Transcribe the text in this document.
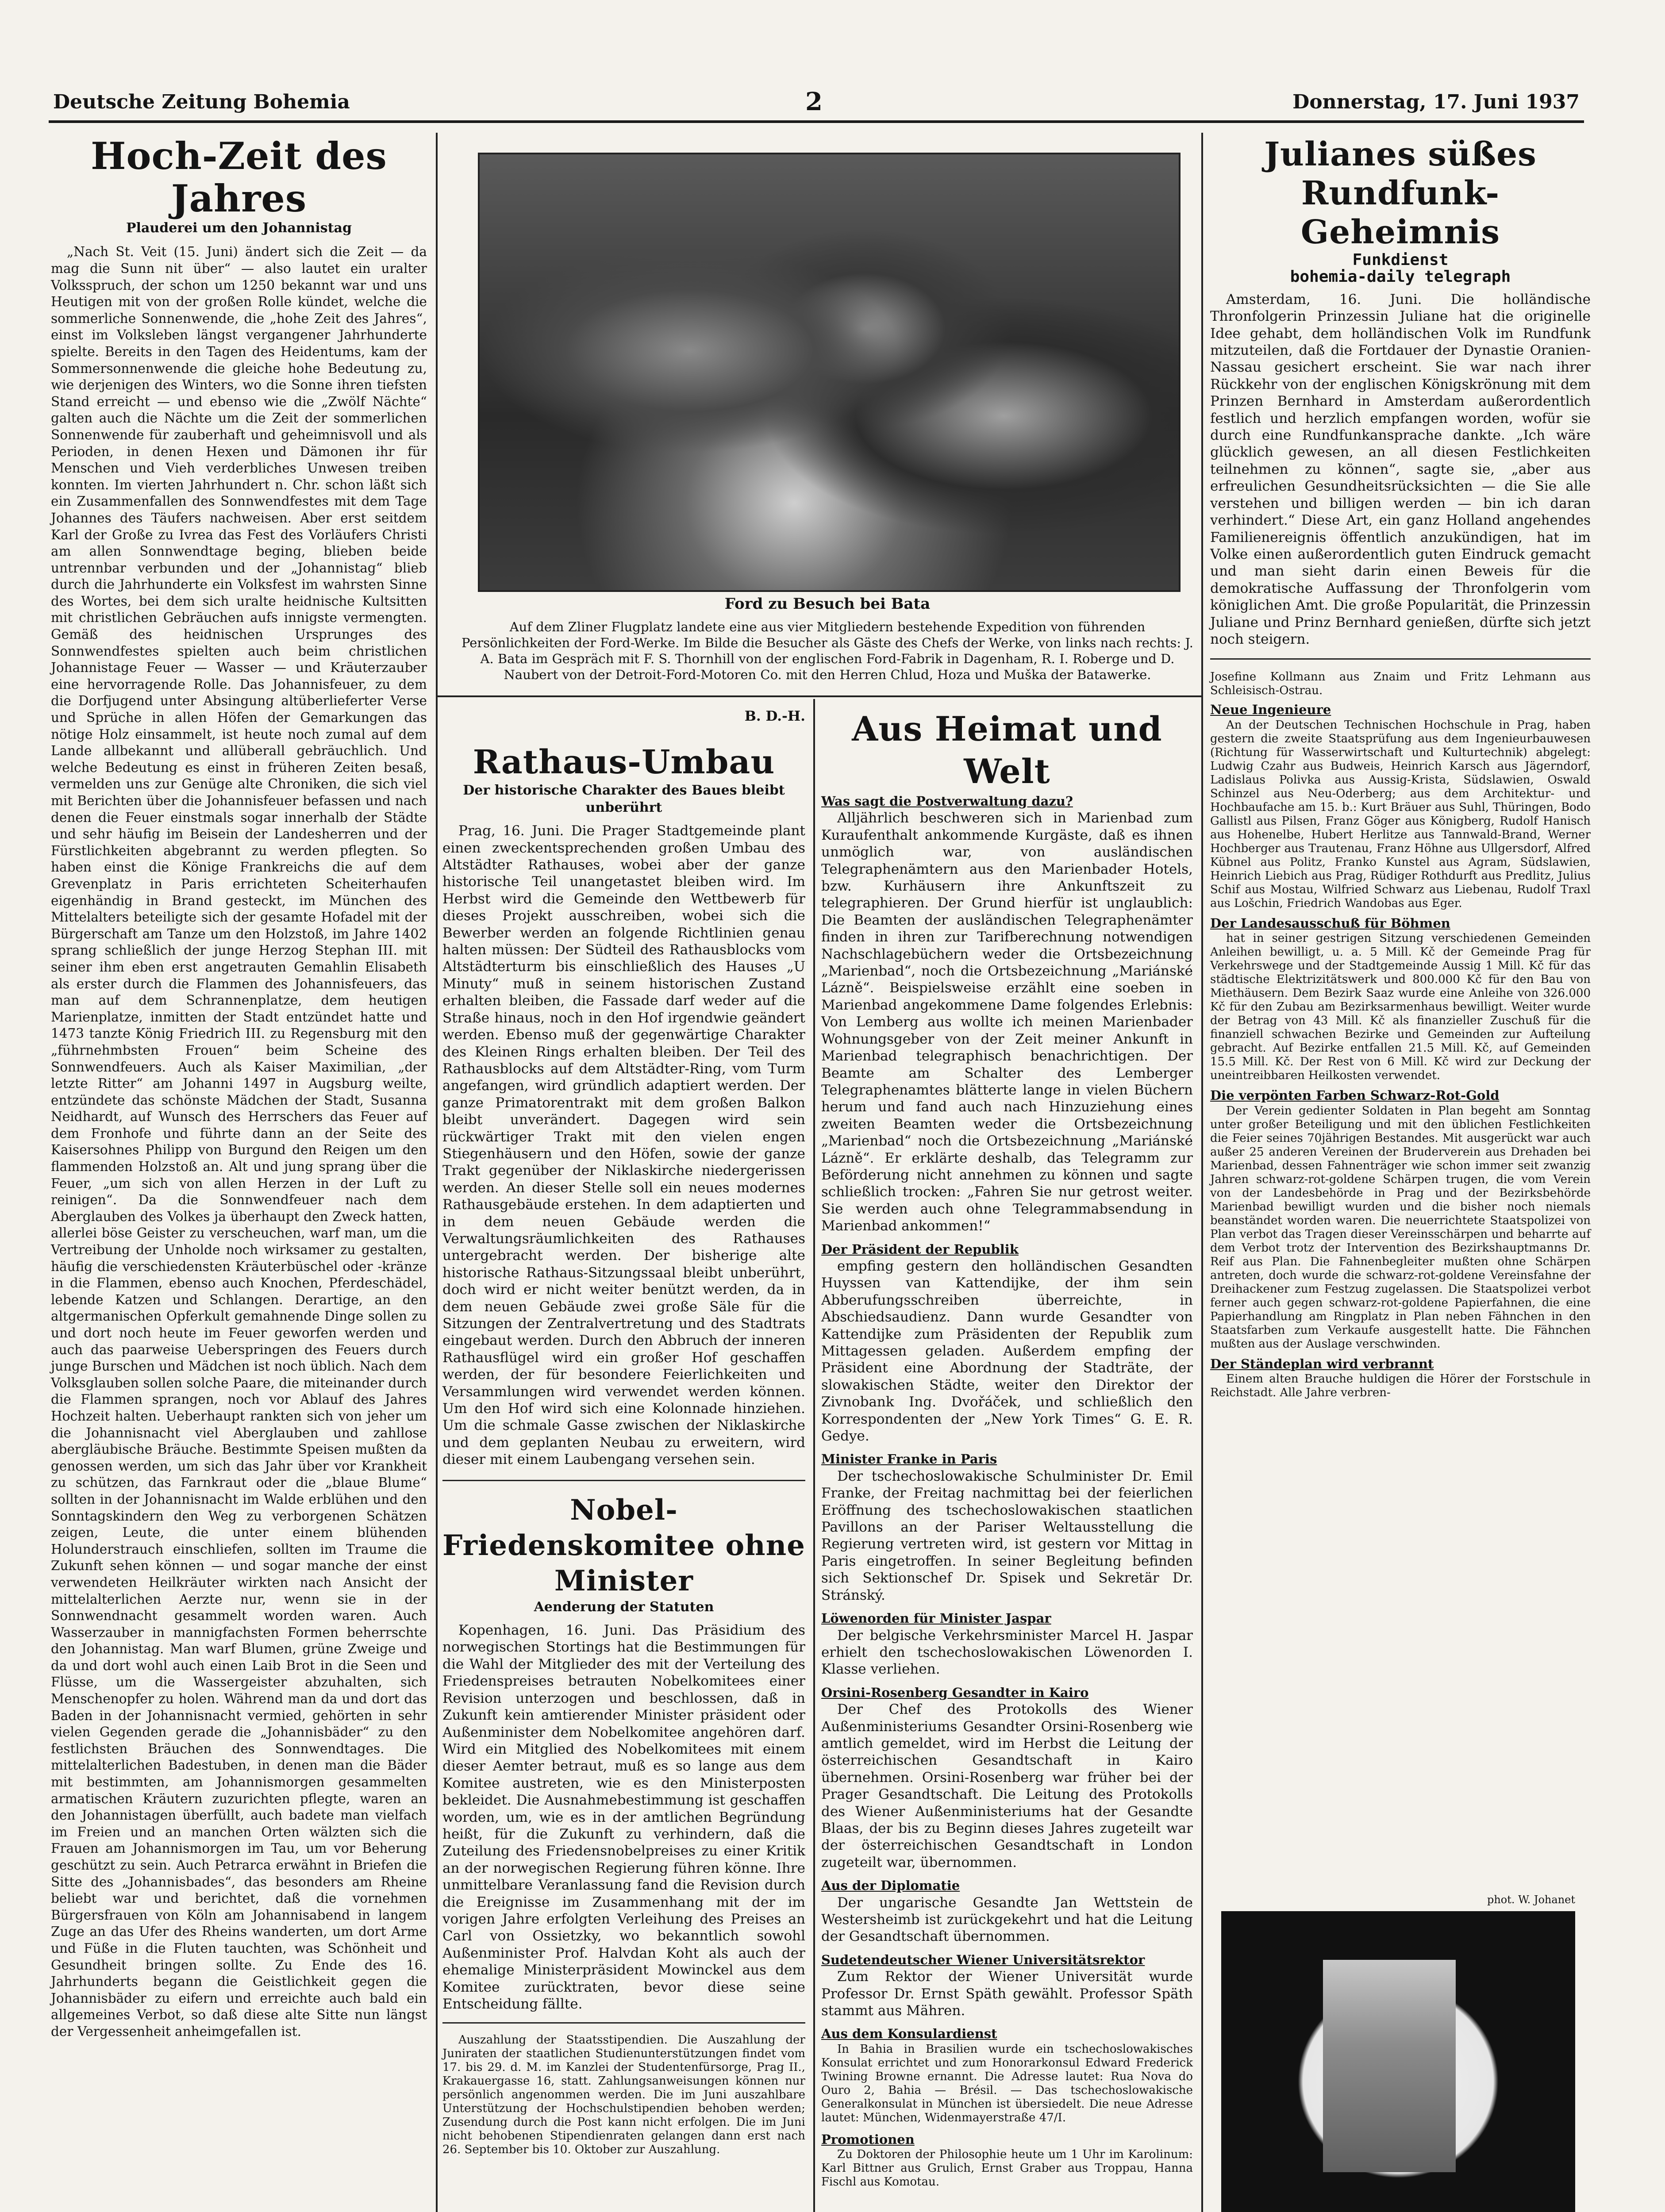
Deutsche Zeitung Bohemia	2	Donnerstag, 17. Juni 1937
Hoch-Zeit des Jahres
Plauderei um den Johannistag

„Nach St. Veit (15. Juni) ändert sich die Zeit — da mag die Sunn nit über“ — also lautet ein uralter Volksspruch, der schon um 1250 bekannt war und uns Heutigen mit von der großen Rolle kündet, welche die sommerliche Sonnenwende, die „hohe Zeit des Jahres“, einst im Volksleben längst vergangener Jahrhunderte spielte. Bereits in den Tagen des Heidentums, kam der Sommersonnenwende die gleiche hohe Bedeutung zu, wie derjenigen des Winters, wo die Sonne ihren tiefsten Stand erreicht — und ebenso wie die „Zwölf Nächte“ galten auch die Nächte um die Zeit der sommerlichen Sonnenwende für zauberhaft und geheimnisvoll und als Perioden, in denen Hexen und Dämonen ihr für Menschen und Vieh verderbliches Unwesen treiben konnten. Im vierten Jahrhundert n. Chr. schon läßt sich ein Zusammenfallen des Sonnwendfestes mit dem Tage Johannes des Täufers nachweisen. Aber erst seitdem Karl der Große zu Ivrea das Fest des Vorläufers Christi am allen Sonnwendtage beging, blieben beide untrennbar verbunden und der „Johannistag“ blieb durch die Jahrhunderte ein Volksfest im wahrsten Sinne des Wortes, bei dem sich uralte heidnische Kultsitten mit christlichen Gebräuchen aufs innigste vermengten. Gemäß des heidnischen Ursprunges des Sonnwendfestes spielten auch beim christlichen Johannistage Feuer — Wasser — und Kräuterzauber eine hervorragende Rolle. Das Johannisfeuer, zu dem die Dorfjugend unter Absingung altüberlieferter Verse und Sprüche in allen Höfen der Gemarkungen das nötige Holz einsammelt, ist heute noch zumal auf dem Lande allbekannt und allüberall gebräuchlich. Und welche Bedeutung es einst in früheren Zeiten besaß, vermelden uns zur Genüge alte Chroniken, die sich viel mit Berichten über die Johannisfeuer befassen und nach denen die Feuer einstmals sogar innerhalb der Städte und sehr häufig im Beisein der Landesherren und der Fürstlichkeiten abgebrannt zu werden pflegten. So haben einst die Könige Frankreichs die auf dem Grevenplatz in Paris errichteten Scheiterhaufen eigenhändig in Brand gesteckt, im München des Mittelalters beteiligte sich der gesamte Hofadel mit der Bürgerschaft am Tanze um den Holzstoß, im Jahre 1402 sprang schließlich der junge Herzog Stephan III. mit seiner ihm eben erst angetrauten Gemahlin Elisabeth als erster durch die Flammen des Johannisfeuers, das man auf dem Schrannenplatze, dem heutigen Marienplatze, inmitten der Stadt entzündet hatte und 1473 tanzte König Friedrich III. zu Regensburg mit den „führnehmbsten Frouen“ beim Scheine des Sonnwendfeuers. Auch als Kaiser Maximilian, „der letzte Ritter“ am Johanni 1497 in Augsburg weilte, entzündete das schönste Mädchen der Stadt, Susanna Neidhardt, auf Wunsch des Herrschers das Feuer auf dem Fronhofe und führte dann an der Seite des Kaisersohnes Philipp von Burgund den Reigen um den flammenden Holzstoß an. Alt und jung sprang über die Feuer, „um sich von allen Herzen in der Luft zu reinigen“. Da die Sonnwendfeuer nach dem Aberglauben des Volkes ja überhaupt den Zweck hatten, allerlei böse Geister zu verscheuchen, warf man, um die Vertreibung der Unholde noch wirksamer zu gestalten, häufig die verschiedensten Kräuterbüschel oder -kränze in die Flammen, ebenso auch Knochen, Pferdeschädel, lebende Katzen und Schlangen. Derartige, an den altgermanischen Opferkult gemahnende Dinge sollen zu und dort noch heute im Feuer geworfen werden und auch das paarweise Ueberspringen des Feuers durch junge Burschen und Mädchen ist noch üblich. Nach dem Volksglauben sollen solche Paare, die miteinander durch die Flammen sprangen, noch vor Ablauf des Jahres Hochzeit halten. Ueberhaupt rankten sich von jeher um die Johannisnacht viel Aberglauben und zahllose abergläubische Bräuche. Bestimmte Speisen mußten da genossen werden, um sich das Jahr über vor Krankheit zu schützen, das Farnkraut oder die „blaue Blume“ sollten in der Johannisnacht im Walde erblühen und den Sonntagskindern den Weg zu verborgenen Schätzen zeigen, Leute, die unter einem blühenden Holunderstrauch einschliefen, sollten im Traume die Zukunft sehen können — und sogar manche der einst verwendeten Heilkräuter wirkten nach Ansicht der mittelalterlichen Aerzte nur, wenn sie in der Sonnwendnacht gesammelt worden waren. Auch Wasserzauber in mannigfachsten Formen beherrschte den Johannistag. Man warf Blumen, grüne Zweige und da und dort wohl auch einen Laib Brot in die Seen und Flüsse, um die Wassergeister abzuhalten, sich Menschenopfer zu holen. Während man da und dort das Baden in der Johannisnacht vermied, gehörten in sehr vielen Gegenden gerade die „Johannisbäder“ zu den festlichsten Bräuchen des Sonnwendtages. Die mittelalterlichen Badestuben, in denen man die Bäder mit bestimmten, am Johannismorgen gesammelten armatischen Kräutern zuzurichten pflegte, waren an den Johannistagen überfüllt, auch badete man vielfach im Freien und an manchen Orten wälzten sich die Frauen am Johannismorgen im Tau, um vor Beherung geschützt zu sein. Auch Petrarca erwähnt in Briefen die Sitte des „Johannisbades“, das besonders am Rheine beliebt war und berichtet, daß die vornehmen Bürgersfrauen von Köln am Johannisabend in langem Zuge an das Ufer des Rheins wanderten, um dort Arme und Füße in die Fluten tauchten, was Schönheit und Gesundheit bringen sollte. Zu Ende des 16. Jahrhunderts begann die Geistlichkeit gegen die Johannisbäder zu eifern und erreichte auch bald ein allgemeines Verbot, so daß diese alte Sitte nun längst der Vergessenheit anheimgefallen ist.

Ford zu Besuch bei Bata
Auf dem Zliner Flugplatz landete eine aus vier Mitgliedern bestehende Expedition von führenden Persönlichkeiten der Ford-Werke. Im Bilde die Besucher als Gäste des Chefs der Werke, von links nach rechts: J. A. Bata im Gespräch mit F. S. Thornhill von der englischen Ford-Fabrik in Dagenham, R. I. Roberge und D. Naubert von der Detroit-Ford-Motoren Co. mit den Herren Chlud, Hoza und Muška der Batawerke.
B. D.-H.
Rathaus-Umbau
Der historische Charakter des Baues bleibt unberührt

Prag, 16. Juni. Die Prager Stadtgemeinde plant einen zweckentsprechenden großen Umbau des Altstädter Rathauses, wobei aber der ganze historische Teil unangetastet bleiben wird. Im Herbst wird die Gemeinde den Wettbewerb für dieses Projekt ausschreiben, wobei sich die Bewerber werden an folgende Richtlinien genau halten müssen: Der Südteil des Rathausblocks vom Altstädterturm bis einschließlich des Hauses „U Minuty“ muß in seinem historischen Zustand erhalten bleiben, die Fassade darf weder auf die Straße hinaus, noch in den Hof irgendwie geändert werden. Ebenso muß der gegenwärtige Charakter des Kleinen Rings erhalten bleiben. Der Teil des Rathausblocks auf dem Altstädter-Ring, vom Turm angefangen, wird gründlich adaptiert werden. Der ganze Primatorentrakt mit dem großen Balkon bleibt unverändert. Dagegen wird sein rückwärtiger Trakt mit den vielen engen Stiegenhäusern und den Höfen, sowie der ganze Trakt gegenüber der Niklaskirche niedergerissen werden. An dieser Stelle soll ein neues modernes Rathausgebäude erstehen. In dem adaptierten und in dem neuen Gebäude werden die Verwaltungsräumlichkeiten des Rathauses untergebracht werden. Der bisherige alte historische Rathaus-Sitzungssaal bleibt unberührt, doch wird er nicht weiter benützt werden, da in dem neuen Gebäude zwei große Säle für die Sitzungen der Zentralvertretung und des Stadtrats eingebaut werden. Durch den Abbruch der inneren Rathausflügel wird ein großer Hof geschaffen werden, der für besondere Feierlichkeiten und Versammlungen wird verwendet werden können. Um den Hof wird sich eine Kolonnade hinziehen. Um die schmale Gasse zwischen der Niklaskirche und dem geplanten Neubau zu erweitern, wird dieser mit einem Laubengang versehen sein.

Nobel-Friedenskomitee ohne Minister
Aenderung der Statuten

Kopenhagen, 16. Juni. Das Präsidium des norwegischen Stortings hat die Bestimmungen für die Wahl der Mitglieder des mit der Verteilung des Friedenspreises betrauten Nobelkomitees einer Revision unterzogen und beschlossen, daß in Zukunft kein amtierender Minister präsident oder Außenminister dem Nobelkomitee angehören darf. Wird ein Mitglied des Nobelkomitees mit einem dieser Aemter betraut, muß es so lange aus dem Komitee austreten, wie es den Ministerposten bekleidet. Die Ausnahmebestimmung ist geschaffen worden, um, wie es in der amtlichen Begründung heißt, für die Zukunft zu verhindern, daß die Zuteilung des Friedensnobelpreises zu einer Kritik an der norwegischen Regierung führen könne. Ihre unmittelbare Veranlassung fand die Revision durch die Ereignisse im Zusammenhang mit der im vorigen Jahre erfolgten Verleihung des Preises an Carl von Ossietzky, wo bekanntlich sowohl Außenminister Prof. Halvdan Koht als auch der ehemalige Ministerpräsident Mowinckel aus dem Komitee zurücktraten, bevor diese seine Entscheidung fällte.

Auszahlung der Staatsstipendien. Die Auszahlung der Juniraten der staatlichen Studienunterstützungen findet vom 17. bis 29. d. M. im Kanzlei der Studentenfürsorge, Prag II., Krakauergasse 16, statt. Zahlungsanweisungen können nur persönlich angenommen werden. Die im Juni auszahlbare Unterstützung der Hochschulstipendien behoben werden; Zusendung durch die Post kann nicht erfolgen. Die im Juni nicht behobenen Stipendienraten gelangen dann erst nach 26. September bis 10. Oktober zur Auszahlung.

Aus Heimat und Welt
Was sagt die Postverwaltung dazu?

Alljährlich beschweren sich in Marienbad zum Kuraufenthalt ankommende Kurgäste, daß es ihnen unmöglich war, von ausländischen Telegraphenämtern aus den Marienbader Hotels, bzw. Kurhäusern ihre Ankunftszeit zu telegraphieren. Der Grund hierfür ist unglaublich: Die Beamten der ausländischen Telegraphenämter finden in ihren zur Tarifberechnung notwendigen Nachschlagebüchern weder die Ortsbezeichnung „Marienbad“, noch die Ortsbezeichnung „Mariánské Lázně“. Beispielsweise erzählt eine soeben in Marienbad angekommene Dame folgendes Erlebnis: Von Lemberg aus wollte ich meinen Marienbader Wohnungsgeber von der Zeit meiner Ankunft in Marienbad telegraphisch benachrichtigen. Der Beamte am Schalter des Lemberger Telegraphenamtes blätterte lange in vielen Büchern herum und fand auch nach Hinzuziehung eines zweiten Beamten weder die Ortsbezeichnung „Marienbad“ noch die Ortsbezeichnung „Mariánské Lázně“. Er erklärte deshalb, das Telegramm zur Beförderung nicht annehmen zu können und sagte schließlich trocken: „Fahren Sie nur getrost weiter. Sie werden auch ohne Telegrammabsendung in Marienbad ankommen!“

Der Präsident der Republik

empfing gestern den holländischen Gesandten Huyssen van Kattendijke, der ihm sein Abberufungsschreiben überreichte, in Abschiedsaudienz. Dann wurde Gesandter von Kattendijke zum Präsidenten der Republik zum Mittagessen geladen. Außerdem empfing der Präsident eine Abordnung der Stadträte, der slowakischen Städte, weiter den Direktor der Zivnobank Ing. Dvořáček, und schließlich den Korrespondenten der „New York Times“ G. E. R. Gedye.

Minister Franke in Paris

Der tschechoslowakische Schulminister Dr. Emil Franke, der Freitag nachmittag bei der feierlichen Eröffnung des tschechoslowakischen staatlichen Pavillons an der Pariser Weltausstellung die Regierung vertreten wird, ist gestern vor Mittag in Paris eingetroffen. In seiner Begleitung befinden sich Sektionschef Dr. Spisek und Sekretär Dr. Stránský.

Löwenorden für Minister Jaspar

Der belgische Verkehrsminister Marcel H. Jaspar erhielt den tschechoslowakischen Löwenorden I. Klasse verliehen.

Orsini-Rosenberg Gesandter in Kairo

Der Chef des Protokolls des Wiener Außenministeriums Gesandter Orsini-Rosenberg wie amtlich gemeldet, wird im Herbst die Leitung der österreichischen Gesandtschaft in Kairo übernehmen. Orsini-Rosenberg war früher bei der Prager Gesandtschaft. Die Leitung des Protokolls des Wiener Außenministeriums hat der Gesandte Blaas, der bis zu Beginn dieses Jahres zugeteilt war der österreichischen Gesandtschaft in London zugeteilt war, übernommen.

Aus der Diplomatie

Der ungarische Gesandte Jan Wettstein de Westersheimb ist zurückgekehrt und hat die Leitung der Gesandtschaft übernommen.

Sudetendeutscher Wiener Universitätsrektor

Zum Rektor der Wiener Universität wurde Professor Dr. Ernst Späth gewählt. Professor Späth stammt aus Mähren.

Aus dem Konsulardienst

In Bahia in Brasilien wurde ein tschechoslowakisches Konsulat errichtet und zum Honorarkonsul Edward Frederick Twining Browne ernannt. Die Adresse lautet: Rua Nova do Ouro 2, Bahia — Brésil. — Das tschechoslowakische Generalkonsulat in München ist übersiedelt. Die neue Adresse lautet: München, Widenmayerstraße 47/I.

Promotionen

Zu Doktoren der Philosophie heute um 1 Uhr im Karolinum: Karl Bittner aus Grulich, Ernst Graber aus Troppau, Hanna Fischl aus Komotau.

Julianes süßes Rundfunk-Geheimnis
Funkdienst
bohemia-daily telegraph

Amsterdam, 16. Juni. Die holländische Thronfolgerin Prinzessin Juliane hat die originelle Idee gehabt, dem holländischen Volk im Rundfunk mitzuteilen, daß die Fortdauer der Dynastie Oranien-Nassau gesichert erscheint. Sie war nach ihrer Rückkehr von der englischen Königskrönung mit dem Prinzen Bernhard in Amsterdam außerordentlich festlich und herzlich empfangen worden, wofür sie durch eine Rundfunkansprache dankte. „Ich wäre glücklich gewesen, an all diesen Festlichkeiten teilnehmen zu können“, sagte sie, „aber aus erfreulichen Gesundheitsrücksichten — die Sie alle verstehen und billigen werden — bin ich daran verhindert.“ Diese Art, ein ganz Holland angehendes Familienereignis öffentlich anzukündigen, hat im Volke einen außerordentlich guten Eindruck gemacht und man sieht darin einen Beweis für die demokratische Auffassung der Thronfolgerin vom königlichen Amt. Die große Popularität, die Prinzessin Juliane und Prinz Bernhard genießen, dürfte sich jetzt noch steigern.

Josefine Kollmann aus Znaim und Fritz Lehmann aus Schleisisch-Ostrau.

Neue Ingenieure

An der Deutschen Technischen Hochschule in Prag, haben gestern die zweite Staatsprüfung aus dem Ingenieurbauwesen (Richtung für Wasserwirtschaft und Kulturtechnik) abgelegt: Ludwig Czahr aus Budweis, Heinrich Karsch aus Jägerndorf, Ladislaus Polivka aus Aussig-Krista, Südslawien, Oswald Schinzel aus Neu-Oderberg; aus dem Architektur- und Hochbaufache am 15. b.: Kurt Bräuer aus Suhl, Thüringen, Bodo Gallistl aus Pilsen, Franz Göger aus Königberg, Rudolf Hanisch aus Hohenelbe, Hubert Herlitze aus Tannwald-Brand, Werner Hochberger aus Trautenau, Franz Höhne aus Ullgersdorf, Alfred Kübnel aus Politz, Franko Kunstel aus Agram, Südslawien, Heinrich Liebich aus Prag, Rüdiger Rothdurft aus Predlitz, Julius Schif aus Mostau, Wilfried Schwarz aus Liebenau, Rudolf Traxl aus Lošchin, Friedrich Wandobas aus Eger.

Der Landesausschuß für Böhmen

hat in seiner gestrigen Sitzung verschiedenen Gemeinden Anleihen bewilligt, u. a. 5 Mill. Kč der Gemeinde Prag für Verkehrswege und der Stadtgemeinde Aussig 1 Mill. Kč für das städtische Elektrizitätswerk und 800.000 Kč für den Bau von Miethäusern. Dem Bezirk Saaz wurde eine Anleihe von 326.000 Kč für den Zubau am Bezirksarmenhaus bewilligt. Weiter wurde der Betrag von 43 Mill. Kč als finanzieller Zuschuß für die finanziell schwachen Bezirke und Gemeinden zur Aufteilung gebracht. Auf Bezirke entfallen 21.5 Mill. Kč, auf Gemeinden 15.5 Mill. Kč. Der Rest von 6 Mill. Kč wird zur Deckung der uneintreibbaren Heilkosten verwendet.

Die verpönten Farben Schwarz-Rot-Gold

Der Verein gedienter Soldaten in Plan begeht am Sonntag unter großer Beteiligung und mit den üblichen Festlichkeiten die Feier seines 70jährigen Bestandes. Mit ausgerückt war auch außer 25 anderen Vereinen der Bruderverein aus Drehaden bei Marienbad, dessen Fahnenträger wie schon immer seit zwanzig Jahren schwarz-rot-goldene Schärpen trugen, die vom Verein von der Landesbehörde in Prag und der Bezirksbehörde Marienbad bewilligt wurden und die bisher noch niemals beanständet worden waren. Die neuerrichtete Staatspolizei von Plan verbot das Tragen dieser Vereinsschärpen und beharrte auf dem Verbot trotz der Intervention des Bezirkshauptmanns Dr. Reif aus Plan. Die Fahnenbegleiter mußten ohne Schärpen antreten, doch wurde die schwarz-rot-goldene Vereinsfahne der Dreihackener zum Festzug zugelassen. Die Staatspolizei verbot ferner auch gegen schwarz-rot-goldene Papierfahnen, die eine Papierhandlung am Ringplatz in Plan neben Fähnchen in den Staatsfarben zum Verkaufe ausgestellt hatte. Die Fähnchen mußten aus der Auslage verschwinden.

Der Ständeplan wird verbrannt

Einem alten Brauche huldigen die Hörer der Forstschule in Reichstadt. Alle Jahre verbren-

phot. W. Johanet
